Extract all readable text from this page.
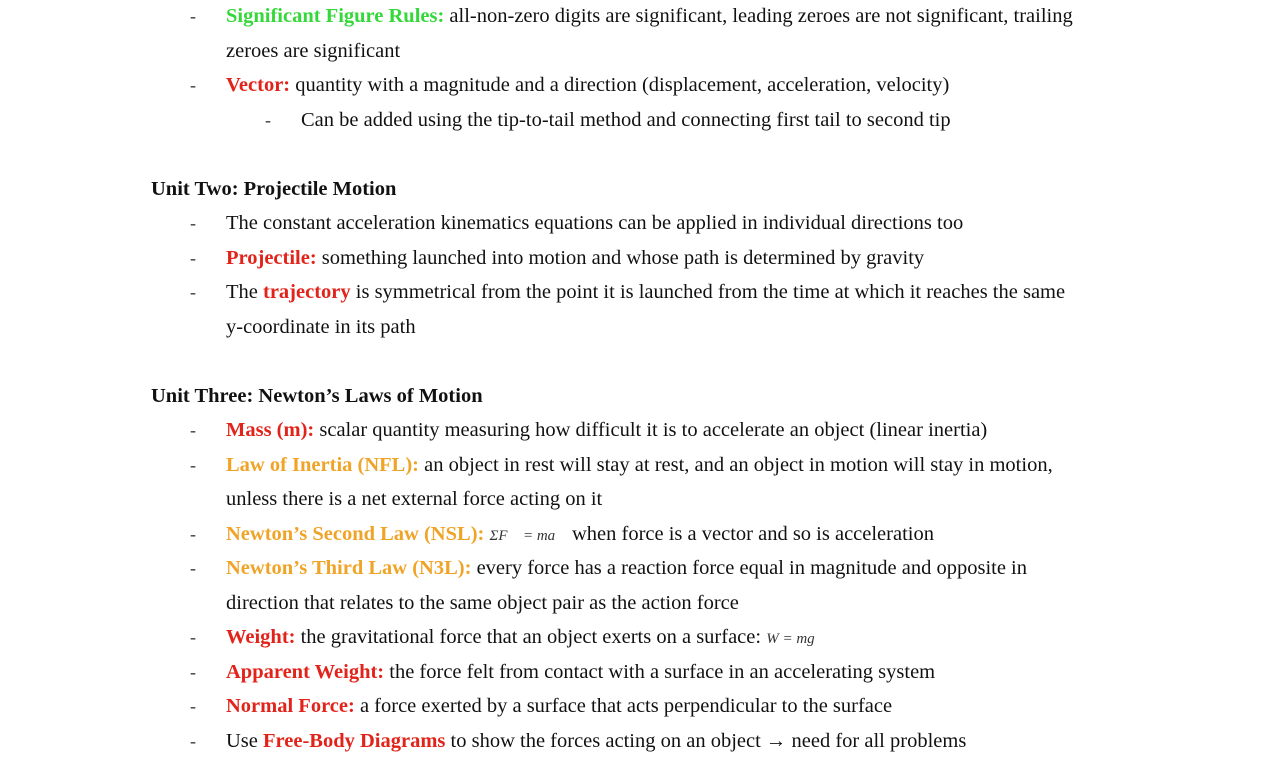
- Significant Figure Rules: all-non-zero digits are significant, leading zeroes are not significant, trailing
zeroes are significant
- Vector: quantity with a magnitude and a direction (displacement, acceleration, velocity)
- Can be added using the tip-to-tail method and connecting first tail to second tip
Unit Two: Projectile Motion
- The constant acceleration kinematics equations can be applied in individual directions too
- Projectile: something launched into motion and whose path is determined by gravity
- The trajectory is symmetrical from the point it is launched from the time at which it reaches the same
y-coordinate in its path
Unit Three: Newton’s Laws of Motion
- Mass (m): scalar quantity measuring how difficult it is to accelerate an object (linear inertia)
- Law of Inertia (NFL): an object in rest will stay at rest, and an object in motion will stay in motion,
unless there is a net external force acting on it
- Newton’s Second Law (NSL): ΣF⃗ = ma⃗ when force is a vector and so is acceleration
- Newton’s Third Law (N3L): every force has a reaction force equal in magnitude and opposite in
direction that relates to the same object pair as the action force
- Weight: the gravitational force that an object exerts on a surface: W = mg
- Apparent Weight: the force felt from contact with a surface in an accelerating system
- Normal Force: a force exerted by a surface that acts perpendicular to the surface
- Use Free-Body Diagrams to show the forces acting on an object → need for all problems
